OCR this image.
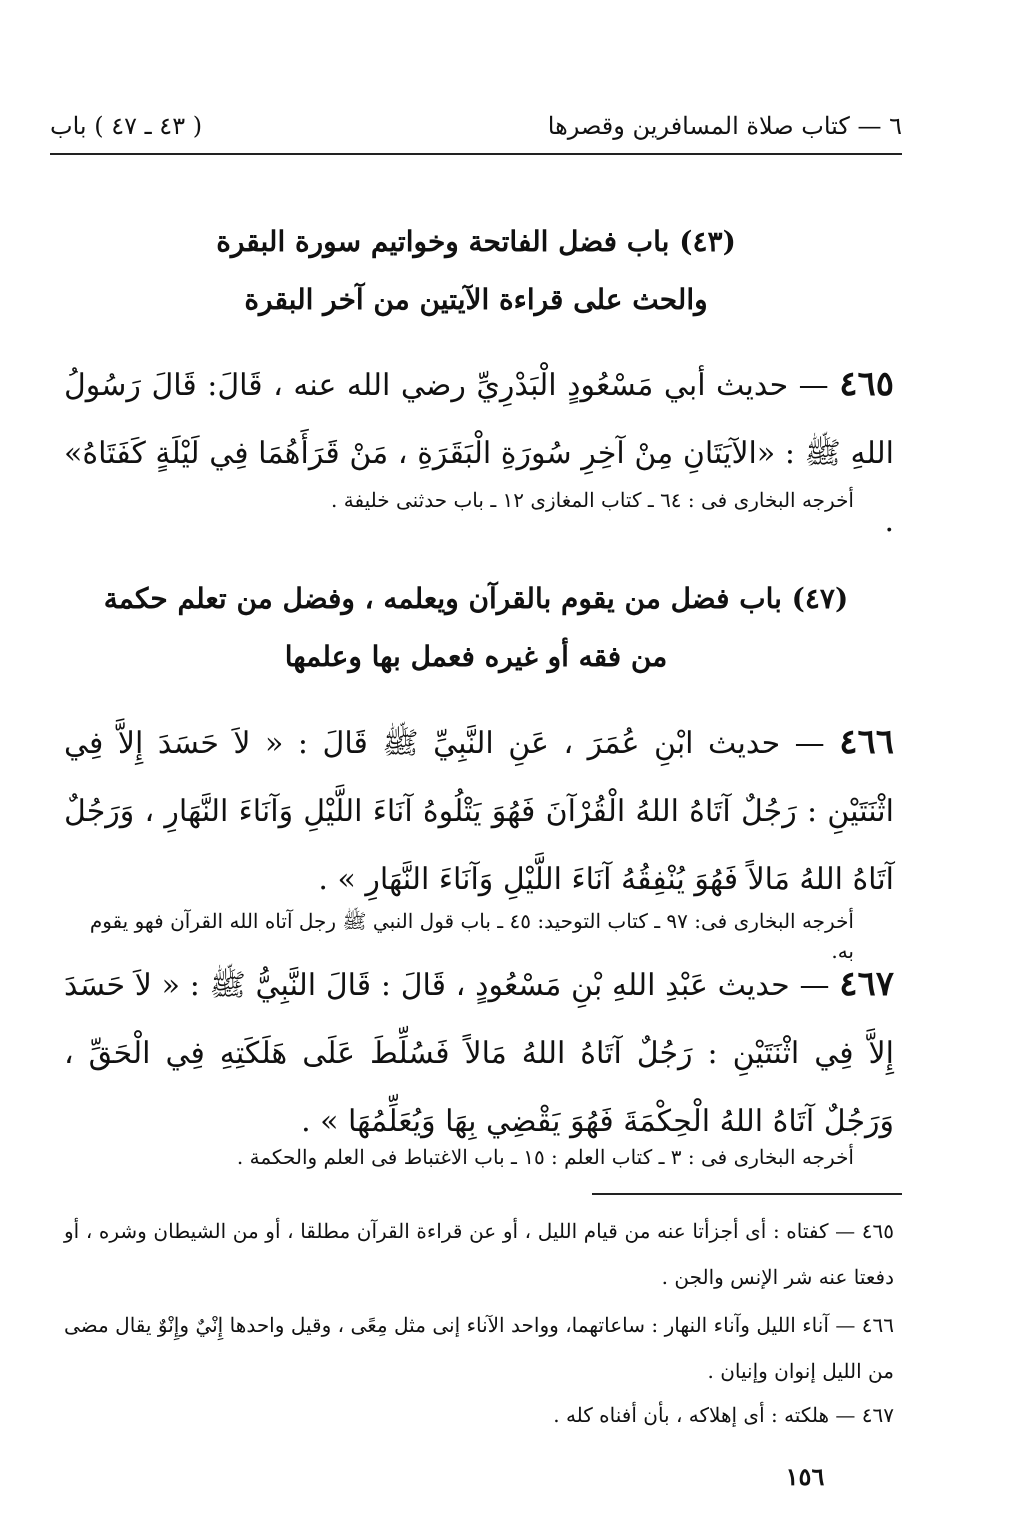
٦ — كتاب صلاة المسافرين وقصرها
( ٤٣ ـ ٤٧ ) باب
(٤٣) باب فضل الفاتحة وخواتيم سورة البقرة
والحث على قراءة الآيتين من آخر البقرة
٤٦٥ — حديث أبي مَسْعُودٍ الْبَدْرِيِّ رضي الله عنه ، قَالَ: قَالَ رَسُولُ اللهِ ﷺ : «الآيَتَانِ مِنْ آخِرِ سُورَةِ الْبَقَرَةِ ، مَنْ قَرَأَهُمَا فِي لَيْلَةٍ كَفَتَاهُ» .
أخرجه البخارى فى : ٦٤ ـ كتاب المغازى ١٢ ـ باب حدثنى خليفة .
(٤٧) باب فضل من يقوم بالقرآن ويعلمه ، وفضل من تعلم حكمة
من فقه أو غيره فعمل بها وعلمها
٤٦٦ — حديث ابْنِ عُمَرَ ، عَنِ النَّبِيِّ ﷺ قَالَ : « لاَ حَسَدَ إِلاَّ فِي اثْنَتَيْنِ : رَجُلٌ آتَاهُ اللهُ الْقُرْآنَ فَهُوَ يَتْلُوهُ آنَاءَ اللَّيْلِ وَآنَاءَ النَّهَارِ ، وَرَجُلٌ آتَاهُ اللهُ مَالاً فَهُوَ يُنْفِقُهُ آنَاءَ اللَّيْلِ وَآنَاءَ النَّهَارِ » .
أخرجه البخارى فى: ٩٧ ـ كتاب التوحيد: ٤٥ ـ باب قول النبي ﷺ رجل آتاه الله القرآن فهو يقوم به.
٤٦٧ — حديث عَبْدِ اللهِ بْنِ مَسْعُودٍ ، قَالَ : قَالَ النَّبِيُّ ﷺ : « لاَ حَسَدَ إِلاَّ فِي اثْنَتَيْنِ : رَجُلٌ آتَاهُ اللهُ مَالاً فَسُلِّطَ عَلَى هَلَكَتِهِ فِي الْحَقِّ ، وَرَجُلٌ آتَاهُ اللهُ الْحِكْمَةَ فَهُوَ يَقْضِي بِهَا وَيُعَلِّمُهَا » .
أخرجه البخارى فى : ٣ ـ كتاب العلم : ١٥ ـ باب الاغتباط فى العلم والحكمة .
٤٦٥ — كفتاه : أى أجزأتا عنه من قيام الليل ، أو عن قراءة القرآن مطلقا ، أو من الشيطان وشره ، أو دفعتا عنه شر الإنس والجن .
٤٦٦ — آناء الليل وآناء النهار : ساعاتهما، وواحد الآناء إنى مثل مِعًى ، وقيل واحدها إِنْيٌ وإِنْوٌ يقال مضى من الليل إنوان وإنيان .
٤٦٧ — هلكته : أى إهلاكه ، بأن أفناه كله .
١٥٦
